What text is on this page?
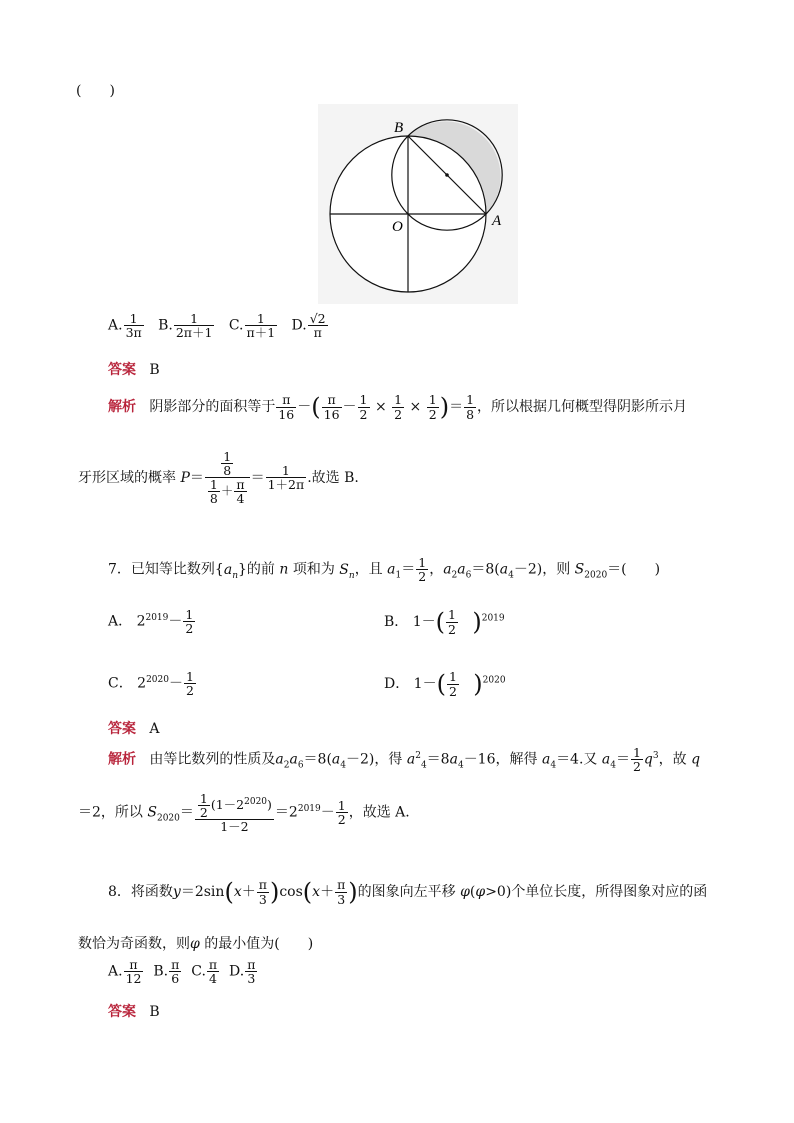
(　　)
B
O	A
A. $\frac{1}{3\pi} B$. $\frac{1}{2\pi+1} C$. $\frac{1}{\pi+1} D$. $\frac{√2}{\pi}$
答案 B
解析 阴影部分的面积等于 $\frac{\pi}{16}$ －( $\frac{\pi}{16} - \frac{1}{2} \times \frac{1}{2} \times \frac{1}{2}$ )＝ $\frac{1}{8}$ ，所以根据几何概型得阴影所示月
牙形区域的概率 $P= \frac{\frac{1}{8}}{\frac{1}{8} + \frac{\pi}{4}} = \frac{1}{1+2\pi}$ .故选 B.
7．已知等比数列$\{a_n\}$的前 n 项和为 $S_n$，且 $a_1= \frac{1}{2}$ ，$a_2a_6=8(a_4-2)$，则 $S_{2020}=$(　　)
A． $2^{2019}- \frac{1}{2}$	B． $1-( \frac{1}{2} )^{2019}$
C． $2^{2020}- \frac{1}{2}$	D． $1-( \frac{1}{2} )^{2020}$
答案 A
解析 由等比数列的性质及$a_2a_6=8(a_4-2)$，得 $a^2_4=8a_4-16$，解得 $a_4=4$.又 $a_4= \frac{1}{2} q^3$，故 q
＝2，所以 $S_{2020}= \frac{\frac{1}{2} (1-2^{2020})}{1-2} =2^{2019}- \frac{1}{2}$ ，故选 A.
8．将函数$y=2\sin(x+ \frac{\pi}{3} )\cos(x+ \frac{\pi}{3}$ )的图象向左平移 φ(φ>0)个单位长度，所得图象对应的函
数恰为奇函数，则φ 的最小值为(　　)
A. $\frac{\pi}{12} B$. $\frac{\pi}{6} C$. $\frac{\pi}{4} D$. $\frac{\pi}{3}$
答案 B
